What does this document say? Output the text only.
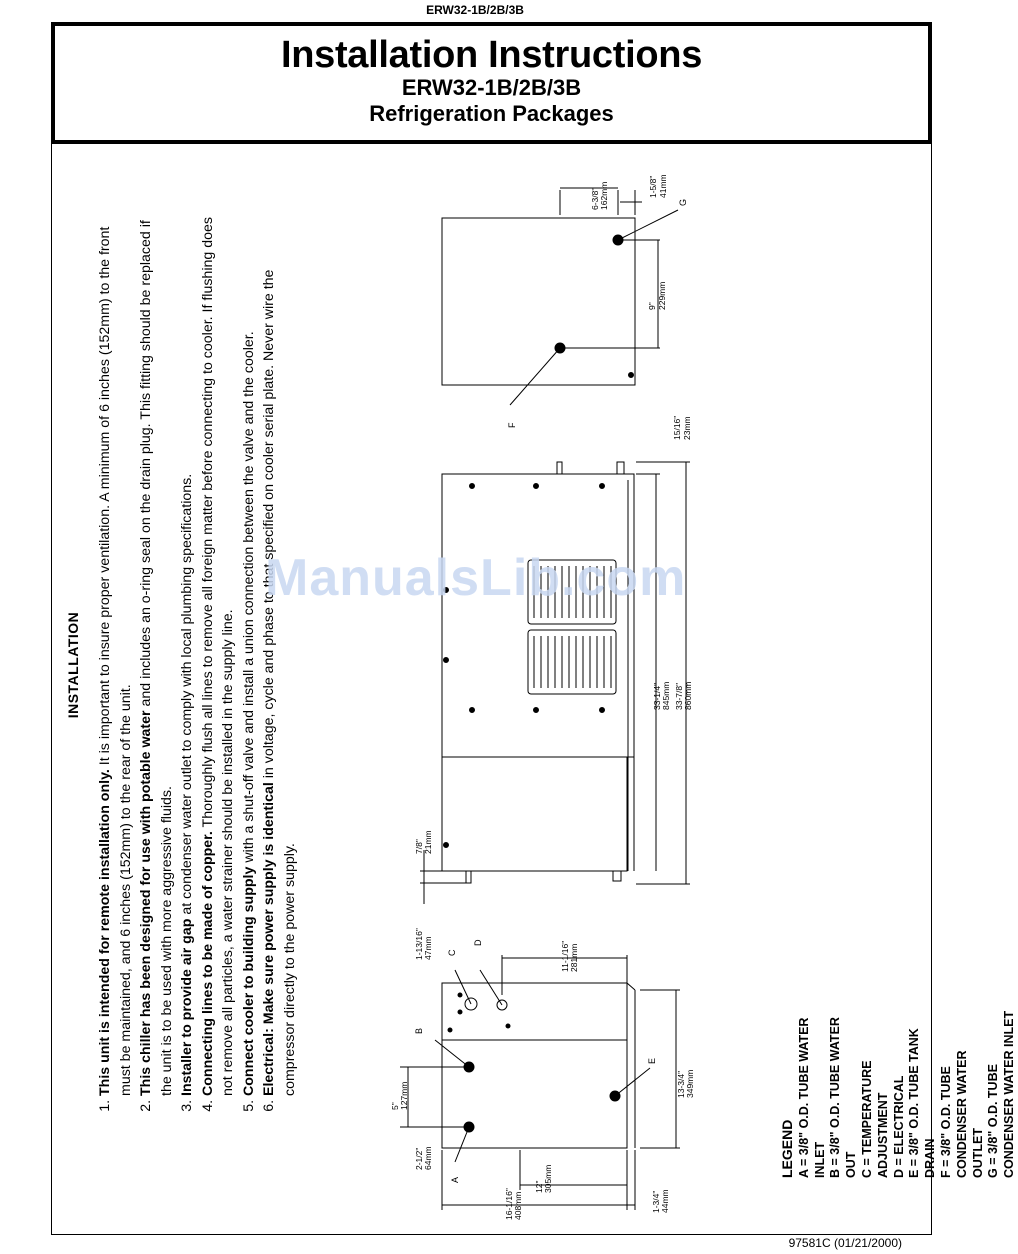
ERW32-1B/2B/3B
Installation Instructions
ERW32-1B/2B/3B
Refrigeration Packages
INSTALLATION
1. This unit is intended for remote installation only. It is important to insure proper ventilation. A minimum of 6 inches (152mm) to the front must be maintained, and 6 inches (152mm) to the rear of the unit. 2. This chiller has been designed for use with potable water and includes an o-ring seal on the drain plug. This fitting should be replaced if the unit is to be used with more aggressive fluids. 3. Installer to provide air gap at condenser water outlet to comply with local plumbing specifications.
4. Connecting lines to be made of copper. Thoroughly flush all lines to remove all foreign matter before connecting to cooler. If flushing does not remove all particles, a water strainer should be installed in the supply line. 5. Connect cooler to building supply with a shut-off valve and install a union connection between the valve and the cooler.
6. Electrical: Make sure power supply is identical in voltage, cycle and phase to that specified on cooler serial plate. Never wire the compressor directly to the power supply.
LEGEND A = 3/8" O.D. TUBE WATER INLET B = 3/8" O.D. TUBE WATER OUT C = TEMPERATURE ADJUSTMENT D = ELECTRICAL E = 3/8" O.D. TUBE TANK DRAIN F = 3/8" O.D. TUBE CONDENSER WATER OUTLET G = 3/8" O.D. TUBE CONDENSER WATER INLET
6-3/8" 162mm	1-5/8" 41mm
9" 229mm
15/16" 23mm
33-1/4" 845mm 33-7/8" 860mm
7/8" 21mm
1-13/16" 47mm	11-1/16" 281mm
13-3/4" 349mm
5" 127mm
2-1/2" 64mm
16-1/16" 408mm
12" 305mm
1-3/4" 44mm
A
B
C
D
E
F
G
ManualsLib.com
97581C (01/21/2000)
